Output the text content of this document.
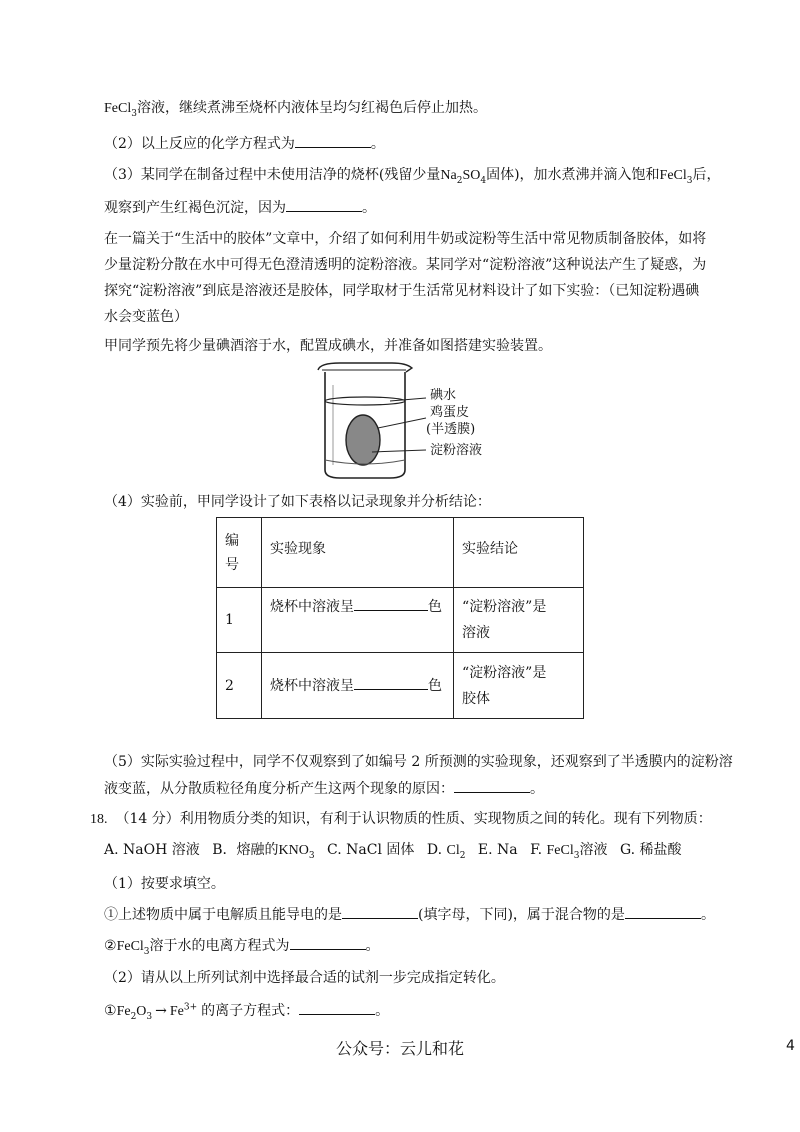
FeCl$_3$溶液，继续煮沸至烧杯内液体呈均匀红褐色后停止加热。
（2）以上反应的化学方程式为	。
（3）某同学在制备过程中未使用洁净的烧杯(残留少量$Na_2SO_4$固体)，加水煮沸并滴入饱和FeCl$_3$后，
观察到产生红褐色沉淀，因为	。
在一篇关于“生活中的胶体”文章中，介绍了如何利用牛奶或淀粉等生活中常见物质制备胶体，如将
少量淀粉分散在水中可得无色澄清透明的淀粉溶液。某同学对“淀粉溶液”这种说法产生了疑惑，为
探究“淀粉溶液”到底是溶液还是胶体，同学取材于生活常见材料设计了如下实验：（已知淀粉遇碘
水会变蓝色）
甲同学预先将少量碘酒溶于水，配置成碘水，并准备如图搭建实验装置。
碘水
鸡蛋皮
(半透膜)
淀粉溶液
（4）实验前，甲同学设计了如下表格以记录现象并分析结论：
编
号	实验现象	实验结论
1	烧杯中溶液呈 色	“淀粉溶液”是
溶液
2	烧杯中溶液呈 色	“淀粉溶液”是
胶体
（5）实际实验过程中，同学不仅观察到了如编号 2 所预测的实验现象，还观察到了半透膜内的淀粉溶
液变蓝，从分散质粒径角度分析产生这两个现象的原因：	。
18. （14 分）利用物质分类的知识，有利于认识物质的性质、实现物质之间的转化。现有下列物质：
A. NaOH 溶液 B．熔融的$KNO_3$ C. NaCl 固体 D. $Cl_2$ E. Na F. FeCl$_3$溶液 G. 稀盐酸
（1）按要求填空。
①上述物质中属于电解质且能导电的是	(填字母，下同)，属于混合物的是	。
②FeCl$_3$溶于水的电离方程式为	。
（2）请从以上所列试剂中选择最合适的试剂一步完成指定转化。
$①Fe_2O_3 \to Fe^{3+}$ 的离子方程式：	。
公众号：云儿和花	4
